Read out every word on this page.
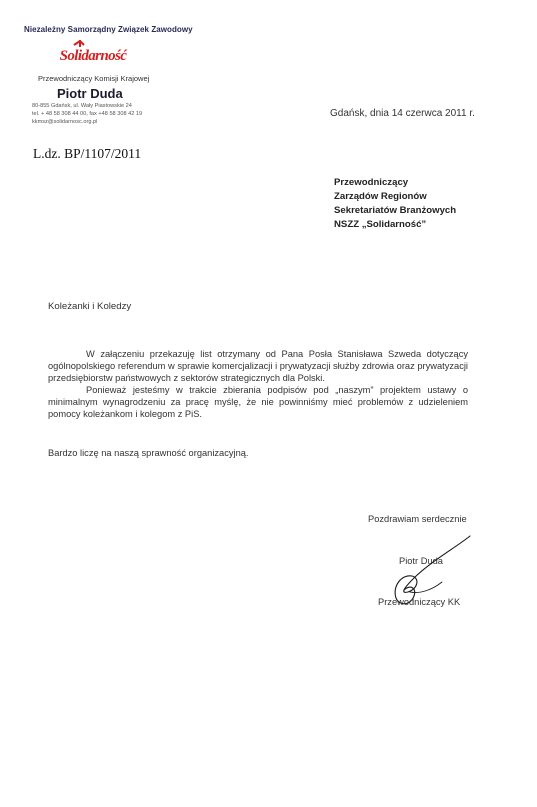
Niezależny Samorządny Związek Zawodowy
Solidarność
Przewodniczący Komisji Krajowej
Piotr Duda
80-855 Gdańsk, ul. Wały Piastowskie 24
tel. + 48 58 308 44 00, fax +48 58 308 42 19
kkmsz@solidarnosc.org.pl
Gdańsk, dnia 14 czerwca 2011 r.
L.dz. BP/1107/2011
Przewodniczący
Zarządów Regionów
Sekretariatów Branżowych
NSZZ „Solidarność”
Koleżanki i Koledzy

W załączeniu przekazuję list otrzymany od Pana Posła Stanisława Szweda dotyczący ogólnopolskiego referendum w sprawie komercjalizacji i prywatyzacji służby zdrowia oraz prywatyzacji przedsiębiorstw państwowych z sektorów strategicznych dla Polski.

Ponieważ jesteśmy w trakcie zbierania podpisów pod „naszym” projektem ustawy o minimalnym wynagrodzeniu za pracę myślę, że nie powinniśmy mieć problemów z udzieleniem pomocy koleżankom i kolegom z PiS.

Bardzo liczę na naszą sprawność organizacyjną.
Pozdrawiam serdecznie
Piotr Duda
Przewodniczący KK
